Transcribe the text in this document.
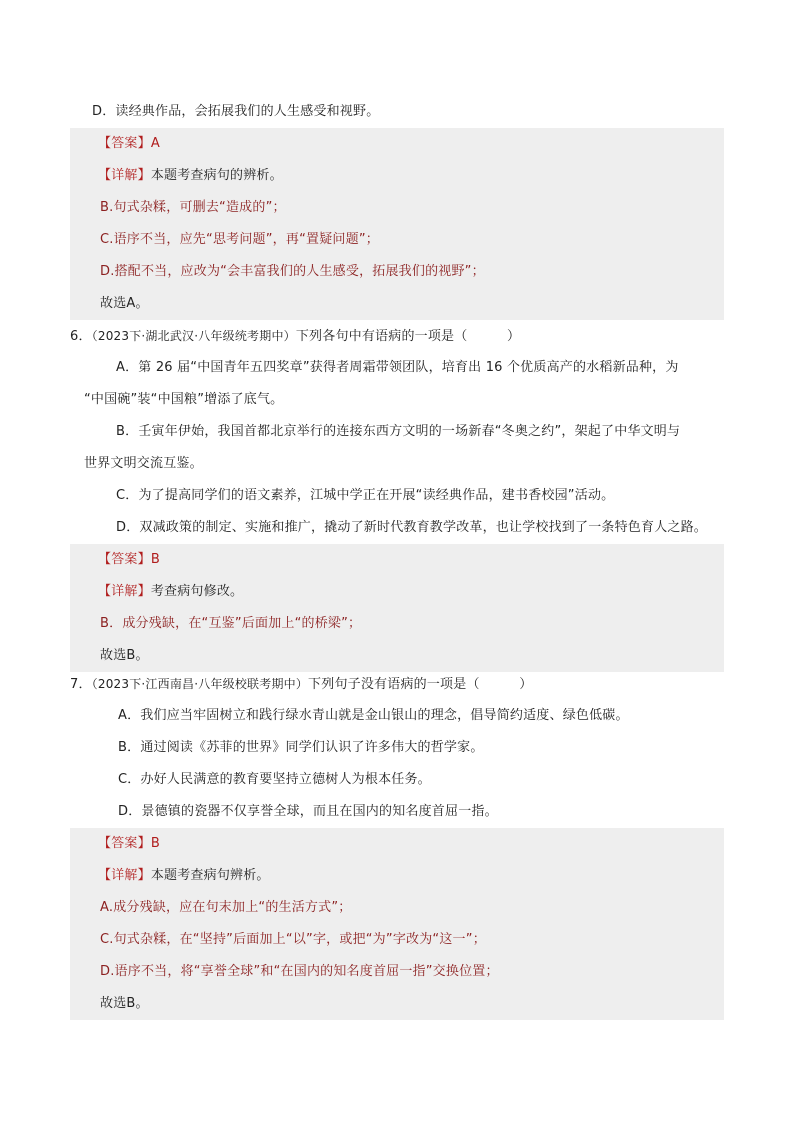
D．读经典作品，会拓展我们的人生感受和视野。
【答案】A
【详解】本题考查病句的辨析。
B.句式杂糅，可删去“造成的”；
C.语序不当，应先“思考问题”，再“置疑问题”；
D.搭配不当，应改为“会丰富我们的人生感受，拓展我们的视野”；
故选A。
6．（2023下·湖北武汉·八年级统考期中）下列各句中有语病的一项是（　　　）
A．第 26 届“中国青年五四奖章”获得者周霜带领团队，培育出 16 个优质高产的水稻新品种，为
“中国碗”装“中国粮”增添了底气。
B．壬寅年伊始，我国首都北京举行的连接东西方文明的一场新春“冬奥之约”，架起了中华文明与
世界文明交流互鉴。
C．为了提高同学们的语文素养，江城中学正在开展“读经典作品，建书香校园”活动。
D．双减政策的制定、实施和推广，撬动了新时代教育教学改革，也让学校找到了一条特色育人之路。
【答案】B
【详解】考查病句修改。
B．成分残缺，在“互鉴”后面加上“的桥梁”；
故选B。
7．（2023下·江西南昌·八年级校联考期中）下列句子没有语病的一项是（　　　）
A．我们应当牢固树立和践行绿水青山就是金山银山的理念，倡导简约适度、绿色低碳。
B．通过阅读《苏菲的世界》同学们认识了许多伟大的哲学家。
C．办好人民满意的教育要坚持立德树人为根本任务。
D．景德镇的瓷器不仅享誉全球，而且在国内的知名度首屈一指。
【答案】B
【详解】本题考查病句辨析。
A.成分残缺，应在句末加上“的生活方式”；
C.句式杂糅，在“坚持”后面加上“以”字，或把“为”字改为“这一”；
D.语序不当，将“享誉全球”和“在国内的知名度首屈一指”交换位置；
故选B。
